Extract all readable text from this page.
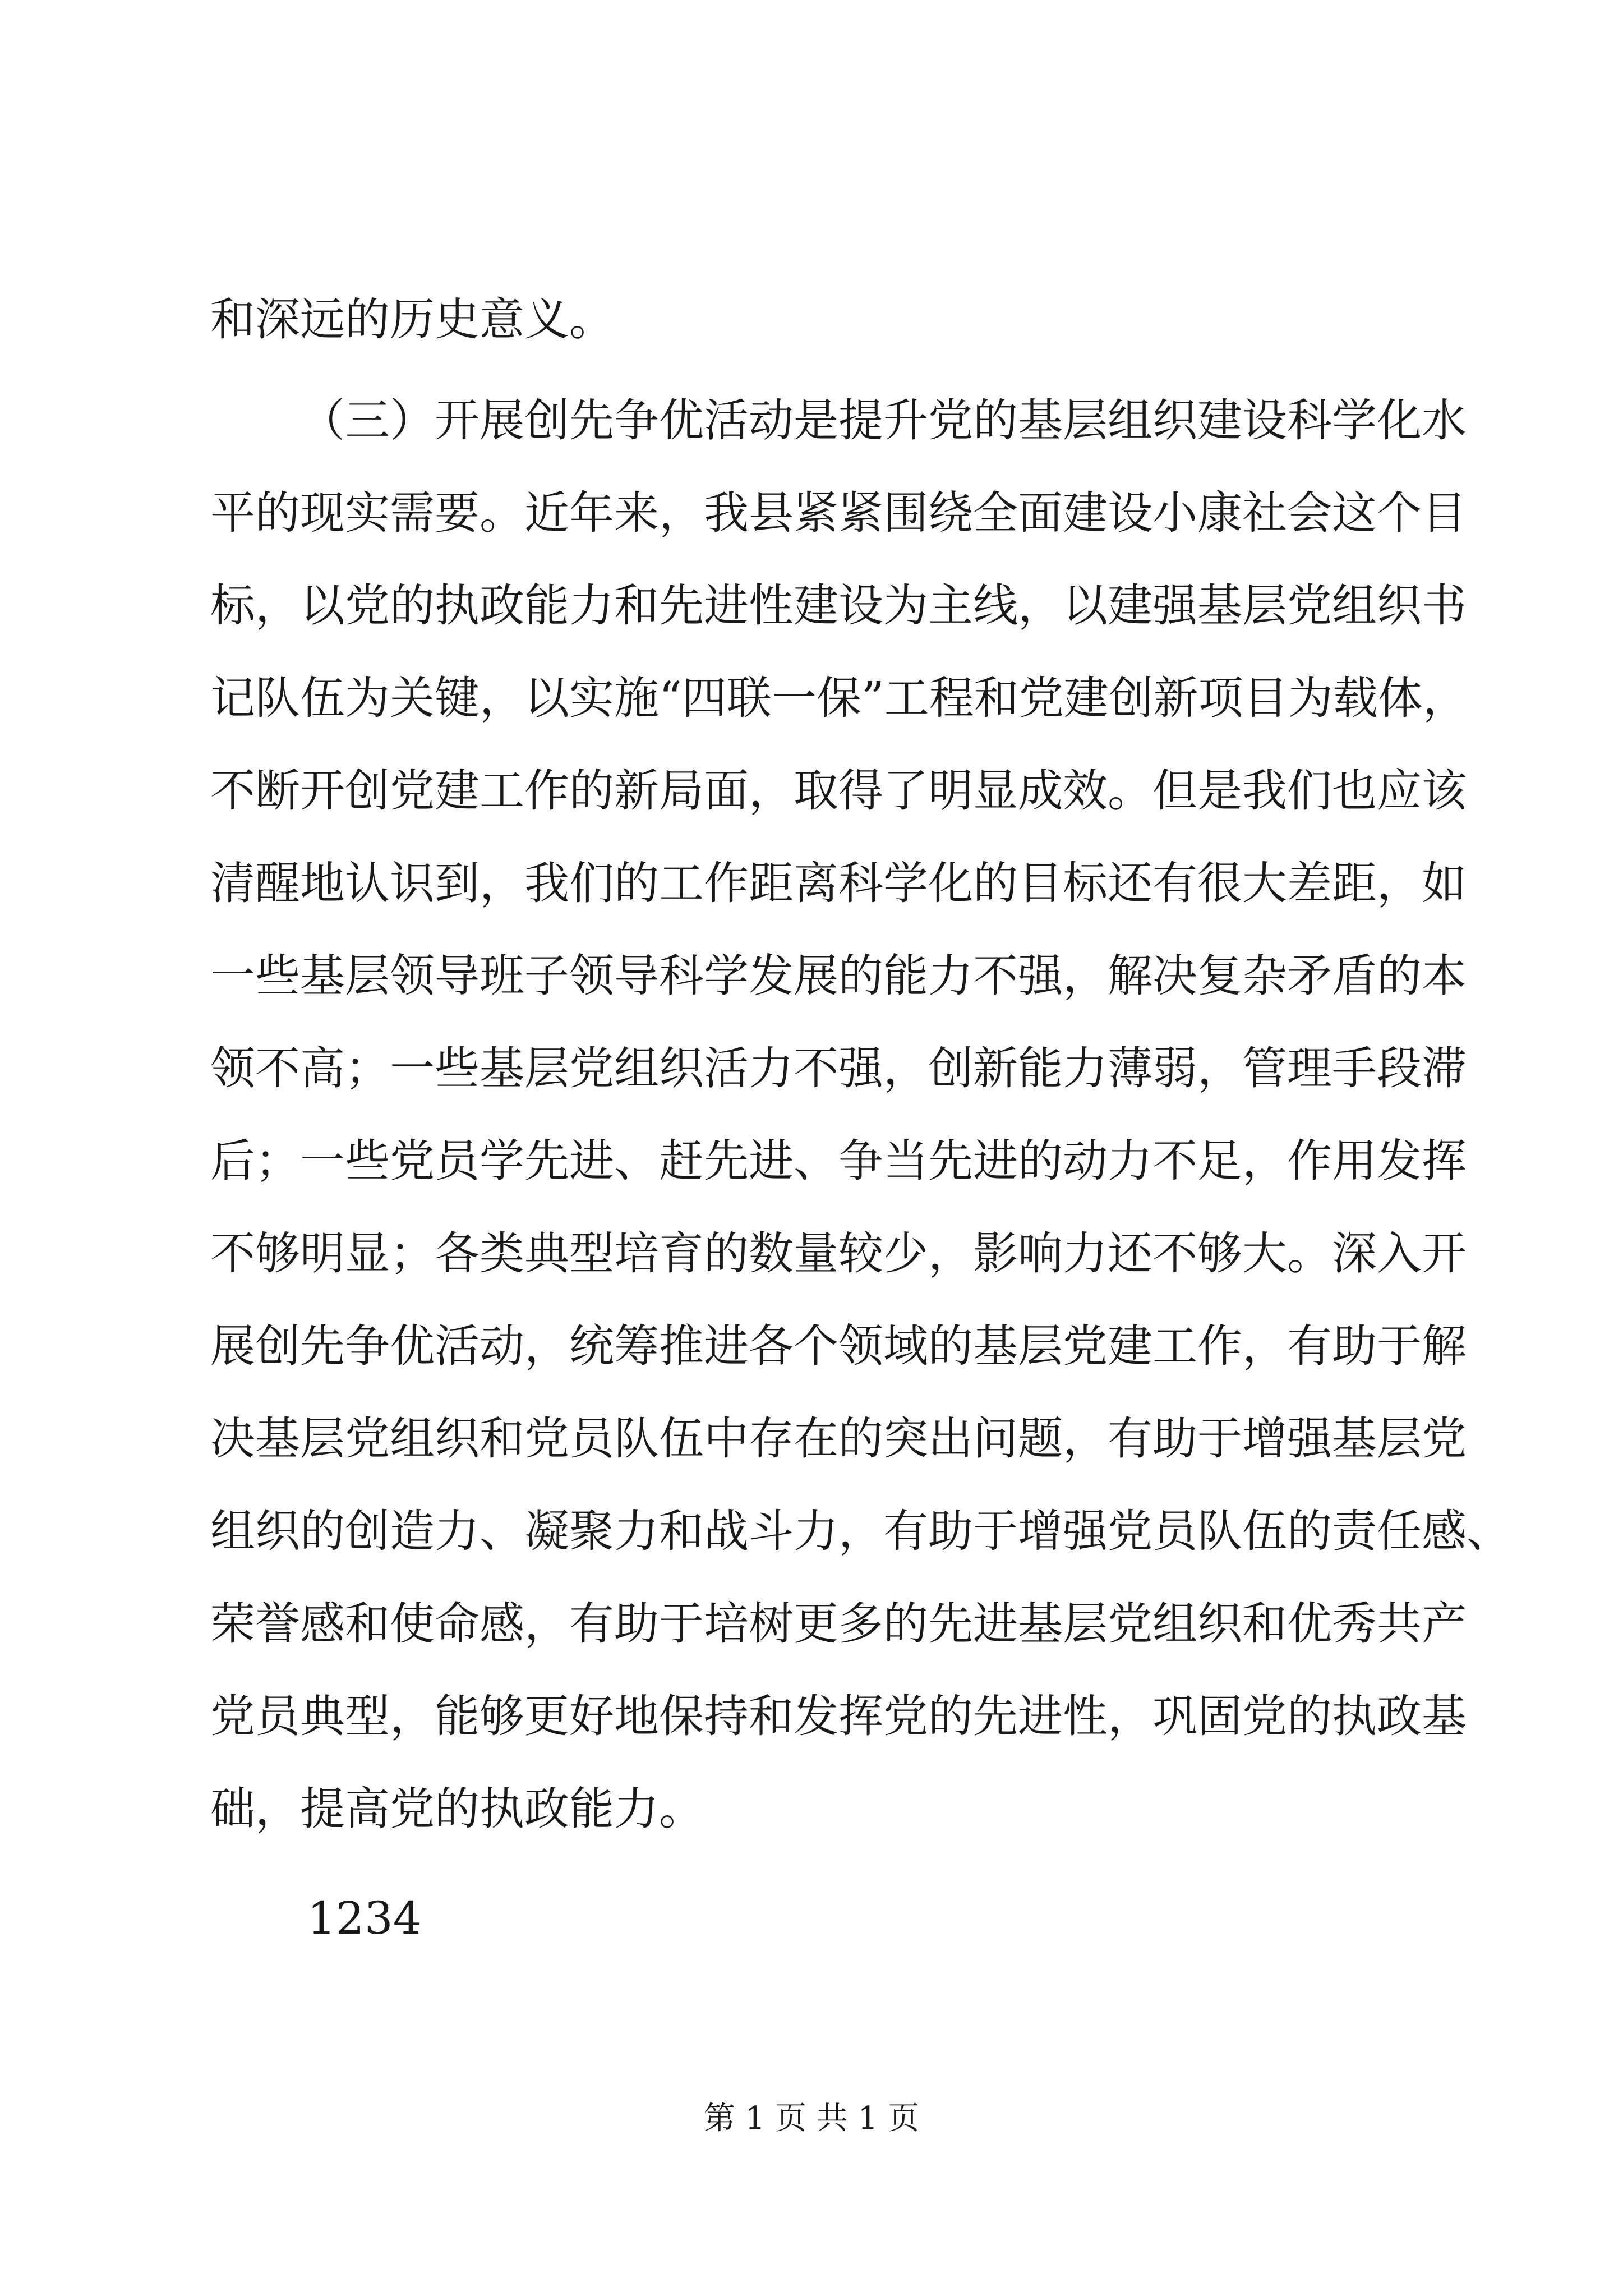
和深远的历史意义。
（三）开展创先争优活动是提升党的基层组织建设科学化水
平的现实需要。近年来，我县紧紧围绕全面建设小康社会这个目
标，以党的执政能力和先进性建设为主线，以建强基层党组织书
记队伍为关键，以实施“四联一保”工程和党建创新项目为载体，
不断开创党建工作的新局面，取得了明显成效。但是我们也应该
清醒地认识到，我们的工作距离科学化的目标还有很大差距，如
一些基层领导班子领导科学发展的能力不强，解决复杂矛盾的本
领不高；一些基层党组织活力不强，创新能力薄弱，管理手段滞
后；一些党员学先进、赶先进、争当先进的动力不足，作用发挥
不够明显；各类典型培育的数量较少，影响力还不够大。深入开
展创先争优活动，统筹推进各个领域的基层党建工作，有助于解
决基层党组织和党员队伍中存在的突出问题，有助于增强基层党
组织的创造力、凝聚力和战斗力，有助于增强党员队伍的责任感、
荣誉感和使命感，有助于培树更多的先进基层党组织和优秀共产
党员典型，能够更好地保持和发挥党的先进性，巩固党的执政基
础，提高党的执政能力。
1234
第 1 页 共 1 页
